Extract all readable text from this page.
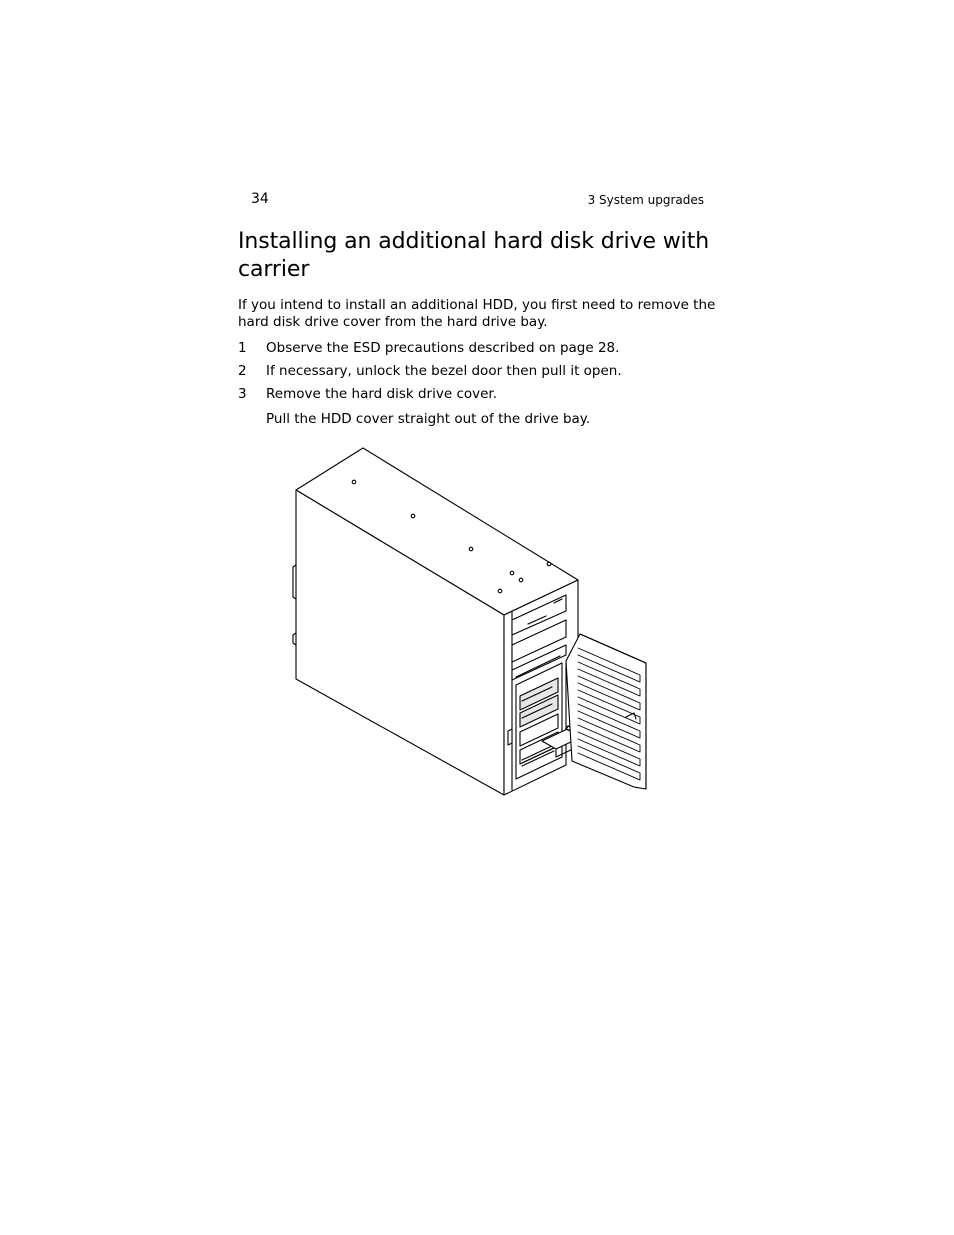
34	3 System upgrades
Installing an additional hard disk drive with carrier

If you intend to install an additional HDD, you first need to remove the hard disk drive cover from the hard drive bay.

1 Observe the ESD precautions described on page 28.
2 If necessary, unlock the bezel door then pull it open.
3 Remove the hard disk drive cover.
Pull the HDD cover straight out of the drive bay.
